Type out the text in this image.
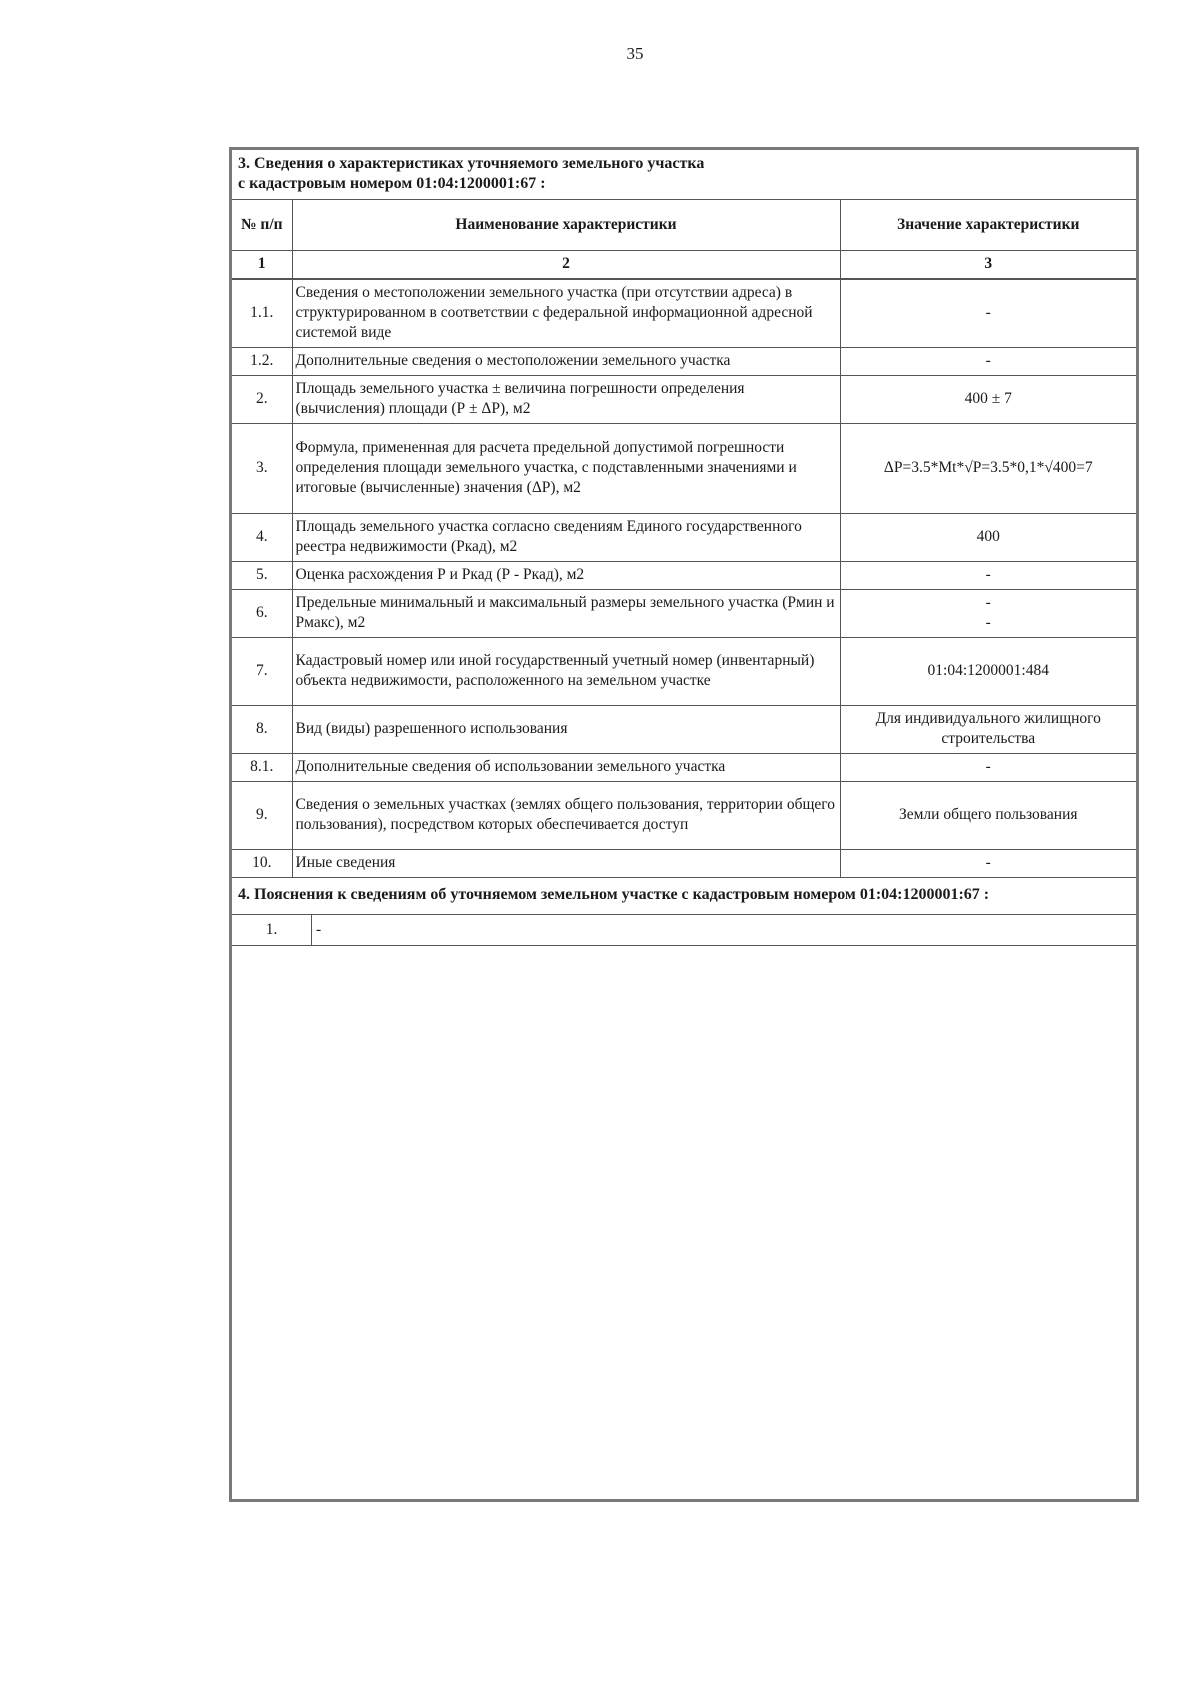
35
3. Сведения о характеристиках уточняемого земельного участка
с кадастровым номером 01:04:1200001:67 :
№ п/п	Наименование характеристики	Значение характеристики
1	2	3
1.1.	Сведения о местоположении земельного участка (при отсутствии адреса) в структурированном в соответствии с федеральной информационной адресной системой виде	-
1.2.	Дополнительные сведения о местоположении земельного участка	-
2.	Площадь земельного участка ± величина погрешности определения (вычисления) площади (Р ± ΔР), м2	400 ± 7
3.	Формула, примененная для расчета предельной допустимой погрешности определения площади земельного участка, с подставленными значениями и итоговые (вычисленные) значения (ΔР), м2	ΔР=3.5*Mt*√P=3.5*0,1*√400=7
4.	Площадь земельного участка согласно сведениям Единого государственного реестра недвижимости (Ркад), м2	400
5.	Оценка расхождения Р и Ркад (Р - Ркад), м2	-
6.	Предельные минимальный и максимальный размеры земельного участка (Рмин и Рмакс), м2	-
-

7.	Кадастровый номер или иной государственный учетный номер (инвентарный) объекта недвижимости, расположенного на земельном участке	01:04:1200001:484
8.	Вид (виды) разрешенного использования	Для индивидуального жилищного строительства
8.1.	Дополнительные сведения об использовании земельного участка	-
9.	Сведения о земельных участках (землях общего пользования, территории общего пользования), посредством которых обеспечивается доступ	Земли общего пользования
10.	Иные сведения	-
4. Пояснения к сведениям об уточняемом земельном участке с кадастровым номером 01:04:1200001:67 :
1.	-
